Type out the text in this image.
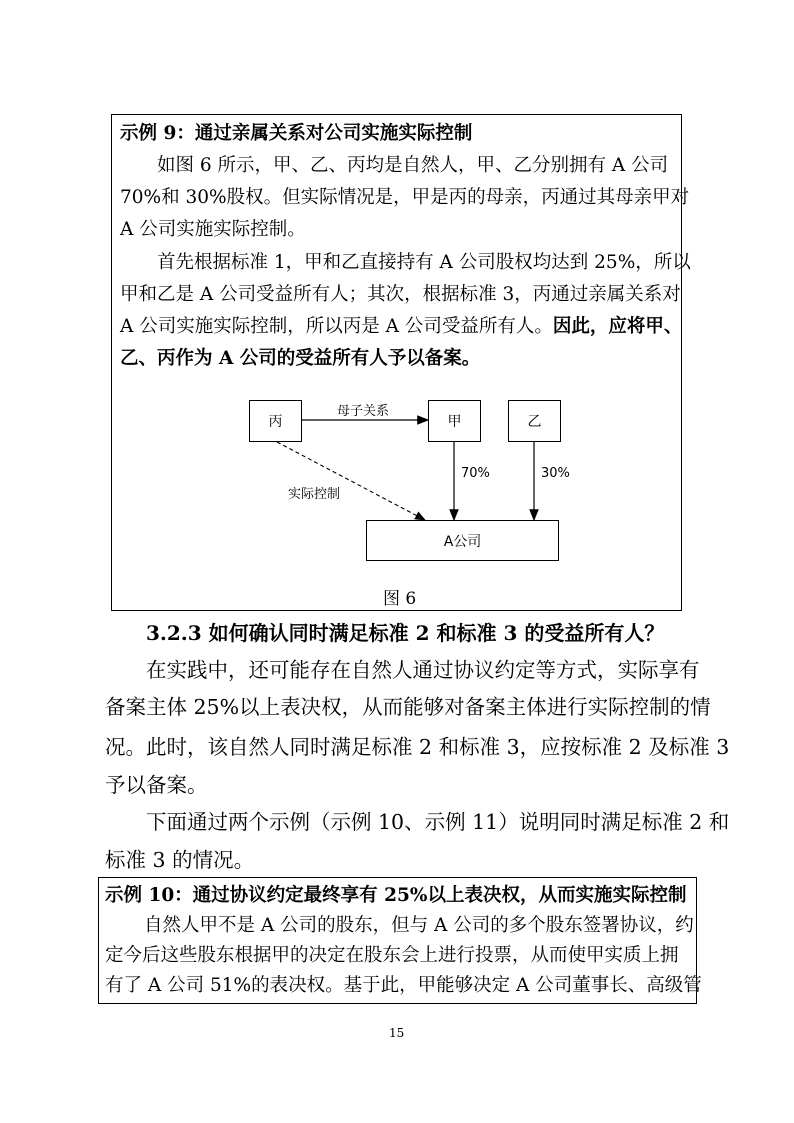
示例 9：通过亲属关系对公司实施实际控制
如图 6 所示，甲、乙、丙均是自然人，甲、乙分别拥有 A 公司
70%和 30%股权。但实际情况是，甲是丙的母亲，丙通过其母亲甲对
A 公司实施实际控制。
首先根据标准 1，甲和乙直接持有 A 公司股权均达到 25%，所以
甲和乙是 A 公司受益所有人；其次，根据标准 3，丙通过亲属关系对
A 公司实施实际控制，所以丙是 A 公司受益所有人。因此，应将甲、
乙、丙作为 A 公司的受益所有人予以备案。
丙	甲	乙
A公司
母子关系
实际控制
70%	30%
图 6
3.2.3 如何确认同时满足标准 2 和标准 3 的受益所有人？
在实践中，还可能存在自然人通过协议约定等方式，实际享有
备案主体 25%以上表决权，从而能够对备案主体进行实际控制的情
况。此时，该自然人同时满足标准 2 和标准 3，应按标准 2 及标准 3
予以备案。
下面通过两个示例（示例 10、示例 11）说明同时满足标准 2 和
标准 3 的情况。
示例 10：通过协议约定最终享有 25%以上表决权，从而实施实际控制
自然人甲不是 A 公司的股东，但与 A 公司的多个股东签署协议，约
定今后这些股东根据甲的决定在股东会上进行投票，从而使甲实质上拥
有了 A 公司 51%的表决权。基于此，甲能够决定 A 公司董事长、高级管
15
